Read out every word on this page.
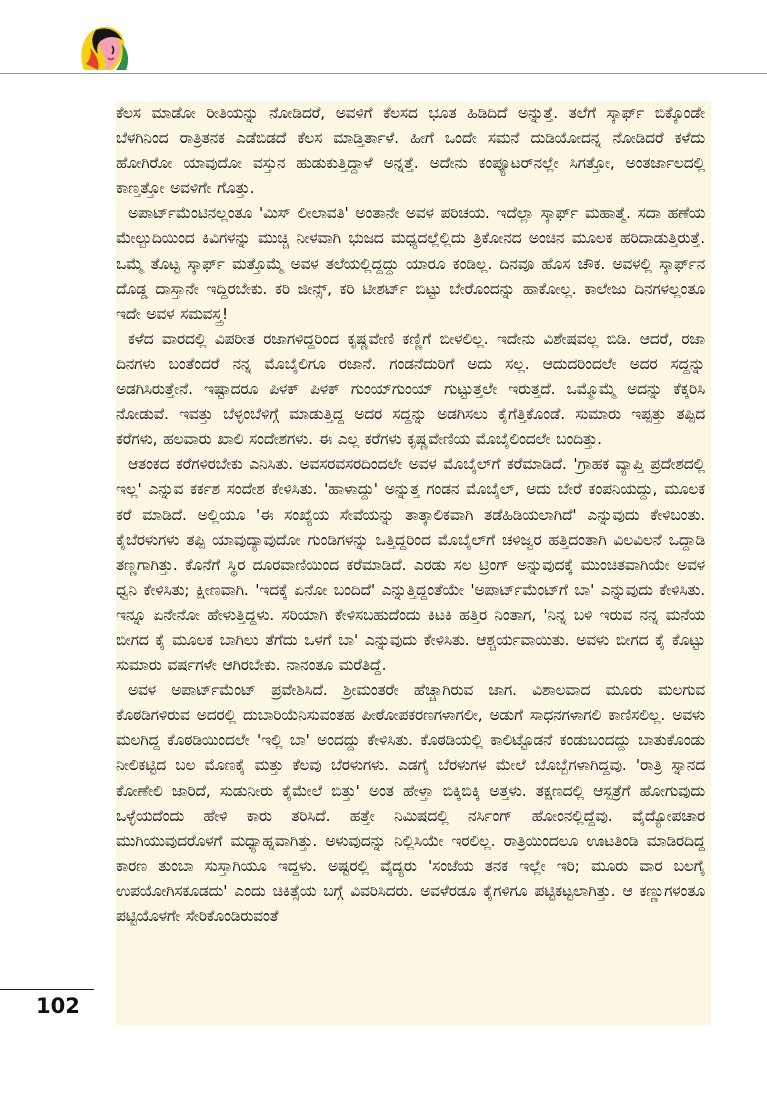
ಕೆಲಸ ಮಾಡೋ ರೀತಿಯನ್ನು ನೋಡಿದರೆ, ಅವಳಿಗೆ ಕೆಲಸದ ಭೂತ ಹಿಡಿದಿದೆ ಅನ್ನುತ್ತೆ. ತಲೆಗೆ ಸ್ಕಾರ್ಫ್ ಬಿಕ್ಕೊಂಡೇ ಬೆಳಗಿನಿಂದ ರಾತ್ರಿತನಕ ಎಡೆಬಿಡದೆ ಕೆಲಸ ಮಾಡ್ತಿರ್ತಾಳೆ. ಹೀಗೆ ಒಂದೇ ಸಮನೆ ದುಡಿಯೋದನ್ನ ನೋಡಿದರೆ ಕಳೆದು ಹೋಗಿರೋ ಯಾವುದೋ ವಸ್ತುನ ಹುಡುಕುತ್ತಿದ್ದಾಳೆ ಅನ್ನತ್ತೆ. ಅದೇನು ಕಂಪ್ಯೂಟರ್‌ನಲ್ಲೇ ಸಿಗತ್ತೋ, ಅಂತರ್ಜಾಲದಲ್ಲಿ ಕಾಣ್ತತ್ತೋ ಅವಳಿಗೇ ಗೊತ್ತು.

ಅಪಾರ್ಟ್‌ಮೆಂಟಿನಲ್ಲಂತೂ 'ಮಿಸ್ ಲೀಲಾವತಿ' ಅಂತಾನೇ ಅವಳ ಪರಿಚಯ. ಇದೆಲ್ಲಾ ಸ್ಕಾರ್ಫ್ ಮಹಾತ್ಮೆ. ಸದಾ ಹಣೆಯ ಮೇಲ್ಬುದಿಯಿಂದ ಕಿವಿಗಳನ್ನು ಮುಚ್ಚಿ ನೀಳವಾಗಿ ಭುಜದ ಮಧ್ಯದಲ್ಲೆಲ್ಲಿದು ತ್ರಿಕೋನದ ಅಂಚಿನ ಮೂಲಕ ಹರಿದಾಡುತ್ತಿರುತ್ತೆ. ಒಮ್ಮೆ ತೊಟ್ಟ ಸ್ಕಾರ್ಫ್ ಮತ್ತೊಮ್ಮೆ ಅವಳ ತಲೆಯಲ್ಲಿದ್ದದ್ದು ಯಾರೂ ಕಂಡಿಲ್ಲ. ದಿನವೂ ಹೊಸ ಚೌಕ. ಅವಳಲ್ಲಿ ಸ್ಕಾರ್ಫ್‌ನ ದೊಡ್ಡ ದಾಸ್ತಾನೇ ಇದ್ದಿರಬೇಕು. ಕರಿ ಜೀನ್ಸ್, ಕರಿ ಟೀಶರ್ಟ್ ಬಿಟ್ಟು ಬೇರೊಂದನ್ನು ಹಾಕೋಲ್ಲ. ಕಾಲೇಜು ದಿನಗಳಲ್ಲಂತೂ ಇದೇ ಅವಳ ಸಮವಸ್ತ್ರ!

ಕಳೆದ ವಾರದಲ್ಲಿ ವಿಪರೀತ ರಜಾಗಳಿದ್ದರಿಂದ ಕೃಷ್ಣವೇಣಿ ಕಣ್ಣಿಗೆ ಬೀಳಲಿಲ್ಲ. ಇದೇನು ವಿಶೇಷವಲ್ಲ ಬಿಡಿ. ಆದರೆ, ರಜಾ ದಿನಗಳು ಬಂತೆಂದರೆ ನನ್ನ ಮೊಬೈಲಿಗೂ ರಜಾನೆ. ಗಂಡನೆದುರಿಗೆ ಅದು ಸಲ್ಲ. ಆದುದರಿಂದಲೇ ಅದರ ಸದ್ದನ್ನು ಅಡಗಿಸಿರುತ್ತೇನೆ. ಇಷ್ಟಾದರೂ ಪಿಳಕ್ ಪಿಳಕ್ ಗುಂಯ್‌ಗುಂಯ್ ಗುಟ್ಟುತ್ತಲೇ ಇರುತ್ತದೆ. ಒಮ್ಮೊಮ್ಮೆ ಅದನ್ನು ಕೆಕ್ಕರಿಸಿ ನೋಡುವೆ. ಇವತ್ತು ಬೆಳ್ಳಂಬೆಳಿಗ್ಗೆ ಮಾಡುತ್ತಿದ್ದ ಅದರ ಸದ್ದನ್ನು ಅಡಗಿಸಲು ಕೈಗೆತ್ತಿಕೊಂಡೆ. ಸುಮಾರು ಇಪ್ಪತ್ತು ತಪ್ಪಿದ ಕರೆಗಳು, ಹಲವಾರು ಖಾಲಿ ಸಂದೇಶಗಳು. ಈ ಎಲ್ಲ ಕರೆಗಳು ಕೃಷ್ಣವೇಣಿಯ ಮೊಬೈಲಿಂದಲೇ ಬಂದಿತ್ತು.

ಆತಂಕದ ಕರೆಗಳಿರಬೇಕು ಎನಿಸಿತು. ಅವಸರವಸರದಿಂದಲೇ ಅವಳ ಮೊಬೈಲ್‌ಗೆ ಕರೆಮಾಡಿದೆ. 'ಗ್ರಾಹಕ ವ್ಯಾಪ್ತಿ ಪ್ರದೇಶದಲ್ಲಿ ಇಲ್ಲ' ಎನ್ನುವ ಕರ್ಕಶ ಸಂದೇಶ ಕೇಳಿಸಿತು. 'ಹಾಳಾದ್ದು' ಅನ್ನುತ್ತ ಗಂಡನ ಮೊಬೈಲ್, ಅದು ಬೇರೆ ಕಂಪನಿಯದ್ದು, ಮೂಲಕ ಕರೆ ಮಾಡಿದೆ. ಅಲ್ಲಿಯೂ 'ಈ ಸಂಖ್ಯೆಯ ಸೇವೆಯನ್ನು ತಾತ್ಕಾಲಿಕವಾಗಿ ತಡೆಹಿಡಿಯಲಾಗಿದೆ' ಎನ್ನುವುದು ಕೇಳಿಬಂತು. ಕೈಬೆರಳುಗಳು ತಪ್ಪಿ ಯಾವುದ್ಯಾವುದೋ ಗುಂಡಿಗಳನ್ನು ಒತ್ತಿದ್ದರಿಂದ ಮೊಬೈಲ್‌ಗೆ ಚಳಿಜ್ವರ ಹತ್ತಿದಂತಾಗಿ ವಿಲವಿಲನೆ ಒದ್ದಾಡಿ ತಣ್ಣಗಾಗಿತ್ತು. ಕೊನೆಗೆ ಸ್ಥಿರ ದೂರವಾಣಿಯಿಂದ ಕರೆಮಾಡಿದೆ. ಎರಡು ಸಲ ಟ್ರಿಂಗ್ ಅನ್ನುವುದಕ್ಕೆ ಮುಂಚಿತವಾಗಿಯೇ ಅವಳ ಧ್ವನಿ ಕೇಳಿಸಿತು; ಕ್ಷೀಣವಾಗಿ. 'ಇದಕ್ಕೆ ಏನೋ ಬಂದಿದೆ' ಎನ್ನುತ್ತಿದ್ದಂತೆಯೇ 'ಅಪಾರ್ಟ್‌ಮೆಂಟ್‌ಗೆ ಬಾ' ಎನ್ನುವುದು ಕೇಳಿಸಿತು. ಇನ್ನೂ ಏನೇನೋ ಹೇಳುತ್ತಿದ್ದಳು. ಸರಿಯಾಗಿ ಕೇಳಿಸಬಹುದೆಂದು ಕಿಟಕಿ ಹತ್ತಿರ ನಿಂತಾಗ, 'ನಿನ್ನ ಬಳಿ ಇರುವ ನನ್ನ ಮನೆಯ ಬೀಗದ ಕೈ ಮೂಲಕ ಬಾಗಿಲು ತೆಗೆದು ಒಳಗೆ ಬಾ' ಎನ್ನುವುದು ಕೇಳಿಸಿತು. ಆಶ್ಚರ್ಯವಾಯಿತು. ಅವಳು ಬೀಗದ ಕೈ ಕೊಟ್ಟು ಸುಮಾರು ವರ್ಷಗಳೇ ಆಗಿರಬೇಕು. ನಾನಂತೂ ಮರೆತಿದ್ದೆ.

ಅವಳ ಅಪಾರ್ಟ್‌ಮೆಂಟ್ ಪ್ರವೇಶಿಸಿದೆ. ಶ್ರೀಮಂತರೇ ಹೆಚ್ಚಾಗಿರುವ ಜಾಗ. ವಿಶಾಲವಾದ ಮೂರು ಮಲಗುವ ಕೊಠಡಿಗಳಿರುವ ಅದರಲ್ಲಿ ದುಬಾರಿಯೆನಿಸುವಂತಹ ಪೀಠೋಪಕರಣಗಳಾಗಲೀ, ಅಡುಗೆ ಸಾಧನಗಳಾಗಲಿ ಕಾಣಿಸಲಿಲ್ಲ. ಅವಳು ಮಲಗಿದ್ದ ಕೊಠಡಿಯಿಂದಲೇ 'ಇಲ್ಲಿ ಬಾ' ಅಂದದ್ದು ಕೇಳಿಸಿತು. ಕೊಠಡಿಯಲ್ಲಿ ಕಾಲಿಟ್ಟೊಡನೆ ಕಂಡುಬಂದದ್ದು ಬಾತುಕೊಂಡು ನೀಲಿಕಟ್ಟಿದ ಬಲ ಮೊಣಕೈ ಮತ್ತು ಕೆಲವು ಬೆರಳುಗಳು. ಎಡಗೈ ಬೆರಳುಗಳ ಮೇಲೆ ಬೊಬ್ಬೆಗಳಾಗಿದ್ದವು. 'ರಾತ್ರಿ ಸ್ನಾನದ ಕೋಣೇಲಿ ಜಾರಿದೆ, ಸುಡುನೀರು ಕೈಮೇಲೆ ಬಿತ್ತು' ಅಂತ ಹೇಳ್ತಾ ಬಿಕ್ಕಿಬಿಕ್ಕಿ ಅತ್ತಳು. ತಕ್ಷಣದಲ್ಲಿ ಆಸ್ಪತ್ರೆಗೆ ಹೋಗುವುದು ಒಳ್ಳೆಯದೆಂದು ಹೇಳಿ ಕಾರು ತರಿಸಿದೆ. ಹತ್ತೇ ನಿಮಿಷದಲ್ಲಿ ನರ್ಸಿಂಗ್ ಹೋಂನಲ್ಲಿದ್ದೆವು. ವೈದ್ಯೋಪಚಾರ ಮುಗಿಯುವುದರೊಳಗೆ ಮಧ್ಯಾಹ್ನವಾಗಿತ್ತು. ಅಳುವುದನ್ನು ನಿಲ್ಲಿಸಿಯೇ ಇರಲಿಲ್ಲ. ರಾತ್ರಿಯಿಂದಲೂ ಊಟತಿಂಡಿ ಮಾಡಿರದಿದ್ದ ಕಾರಣ ತುಂಬಾ ಸುಸ್ತಾಗಿಯೂ ಇದ್ದಳು. ಅಷ್ಟರಲ್ಲಿ ವೈದ್ಯರು 'ಸಂಜೆಯ ತನಕ ಇಲ್ಲೇ ಇರಿ; ಮೂರು ವಾರ ಬಲಗೈ ಉಪಯೋಗಿಸಕೂಡದು' ಎಂದು ಚಿಕಿತ್ಸೆಯ ಬಗ್ಗೆ ವಿವರಿಸಿದರು. ಅವಳೆರಡೂ ಕೈಗಳಿಗೂ ಪಟ್ಟಿಕಟ್ಟಲಾಗಿತ್ತು. ಆ ಕಣ್ಣುಗಳಂತೂ ಪಟ್ಟಿಯೊಳಗೇ ಸೇರಿಕೊಂಡಿರುವಂತೆ

102
